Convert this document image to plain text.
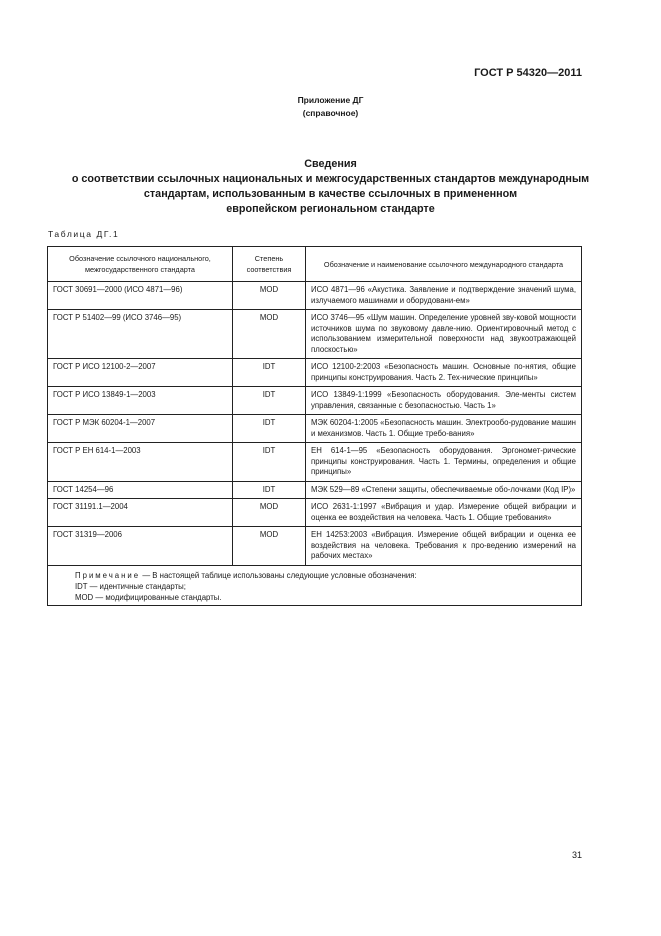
ГОСТ Р 54320—2011
Приложение ДГ
(справочное)
Сведения
о соответствии ссылочных национальных и межгосударственных стандартов международным
стандартам, использованным в качестве ссылочных в примененном
европейском региональном стандарте
Таблица ДГ.1
Обозначение ссылочного национального, межгосударственного стандарта	Степень соответствия	Обозначение и наименование ссылочного международного стандарта
ГОСТ 30691—2000 (ИСО 4871—96)	MOD	ИСО 4871—96 «Акустика. Заявление и подтверждение значений шума, излучаемого машинами и оборудовани-ем»
ГОСТ Р 51402—99 (ИСО 3746—95)	MOD	ИСО 3746—95 «Шум машин. Определение уровней зву-ковой мощности источников шума по звуковому давле-нию. Ориентировочный метод с использованием измерительной поверхности над звукоотражающей плоскостью»
ГОСТ Р ИСО 12100-2—2007	IDT	ИСО 12100-2:2003 «Безопасность машин. Основные по-нятия, общие принципы конструирования. Часть 2. Тех-нические принципы»
ГОСТ Р ИСО 13849-1—2003	IDT	ИСО 13849-1:1999 «Безопасность оборудования. Эле-менты систем управления, связанные с безопасностью. Часть 1»
ГОСТ Р МЭК 60204-1—2007	IDT	МЭК 60204-1:2005 «Безопасность машин. Электрообо-рудование машин и механизмов. Часть 1. Общие требо-вания»
ГОСТ Р ЕН 614-1—2003	IDT	ЕН 614-1—95 «Безопасность оборудования. Эргономет-рические принципы конструирования. Часть 1. Термины, определения и общие принципы»
ГОСТ 14254—96	IDT	МЭК 529—89 «Степени защиты, обеспечиваемые обо-лочками (Код IP)»
ГОСТ 31191.1—2004	MOD	ИСО 2631-1:1997 «Вибрация и удар. Измерение общей вибрации и оценка ее воздействия на человека. Часть 1. Общие требования»
ГОСТ 31319—2006	MOD	ЕН 14253:2003 «Вибрация. Измерение общей вибрации и оценка ее воздействия на человека. Требования к про-ведению измерений на рабочих местах»

Примечание — В настоящей таблице использованы следующие условные обозначения:
IDT — идентичные стандарты;
MOD — модифицированные стандарты.		
31
